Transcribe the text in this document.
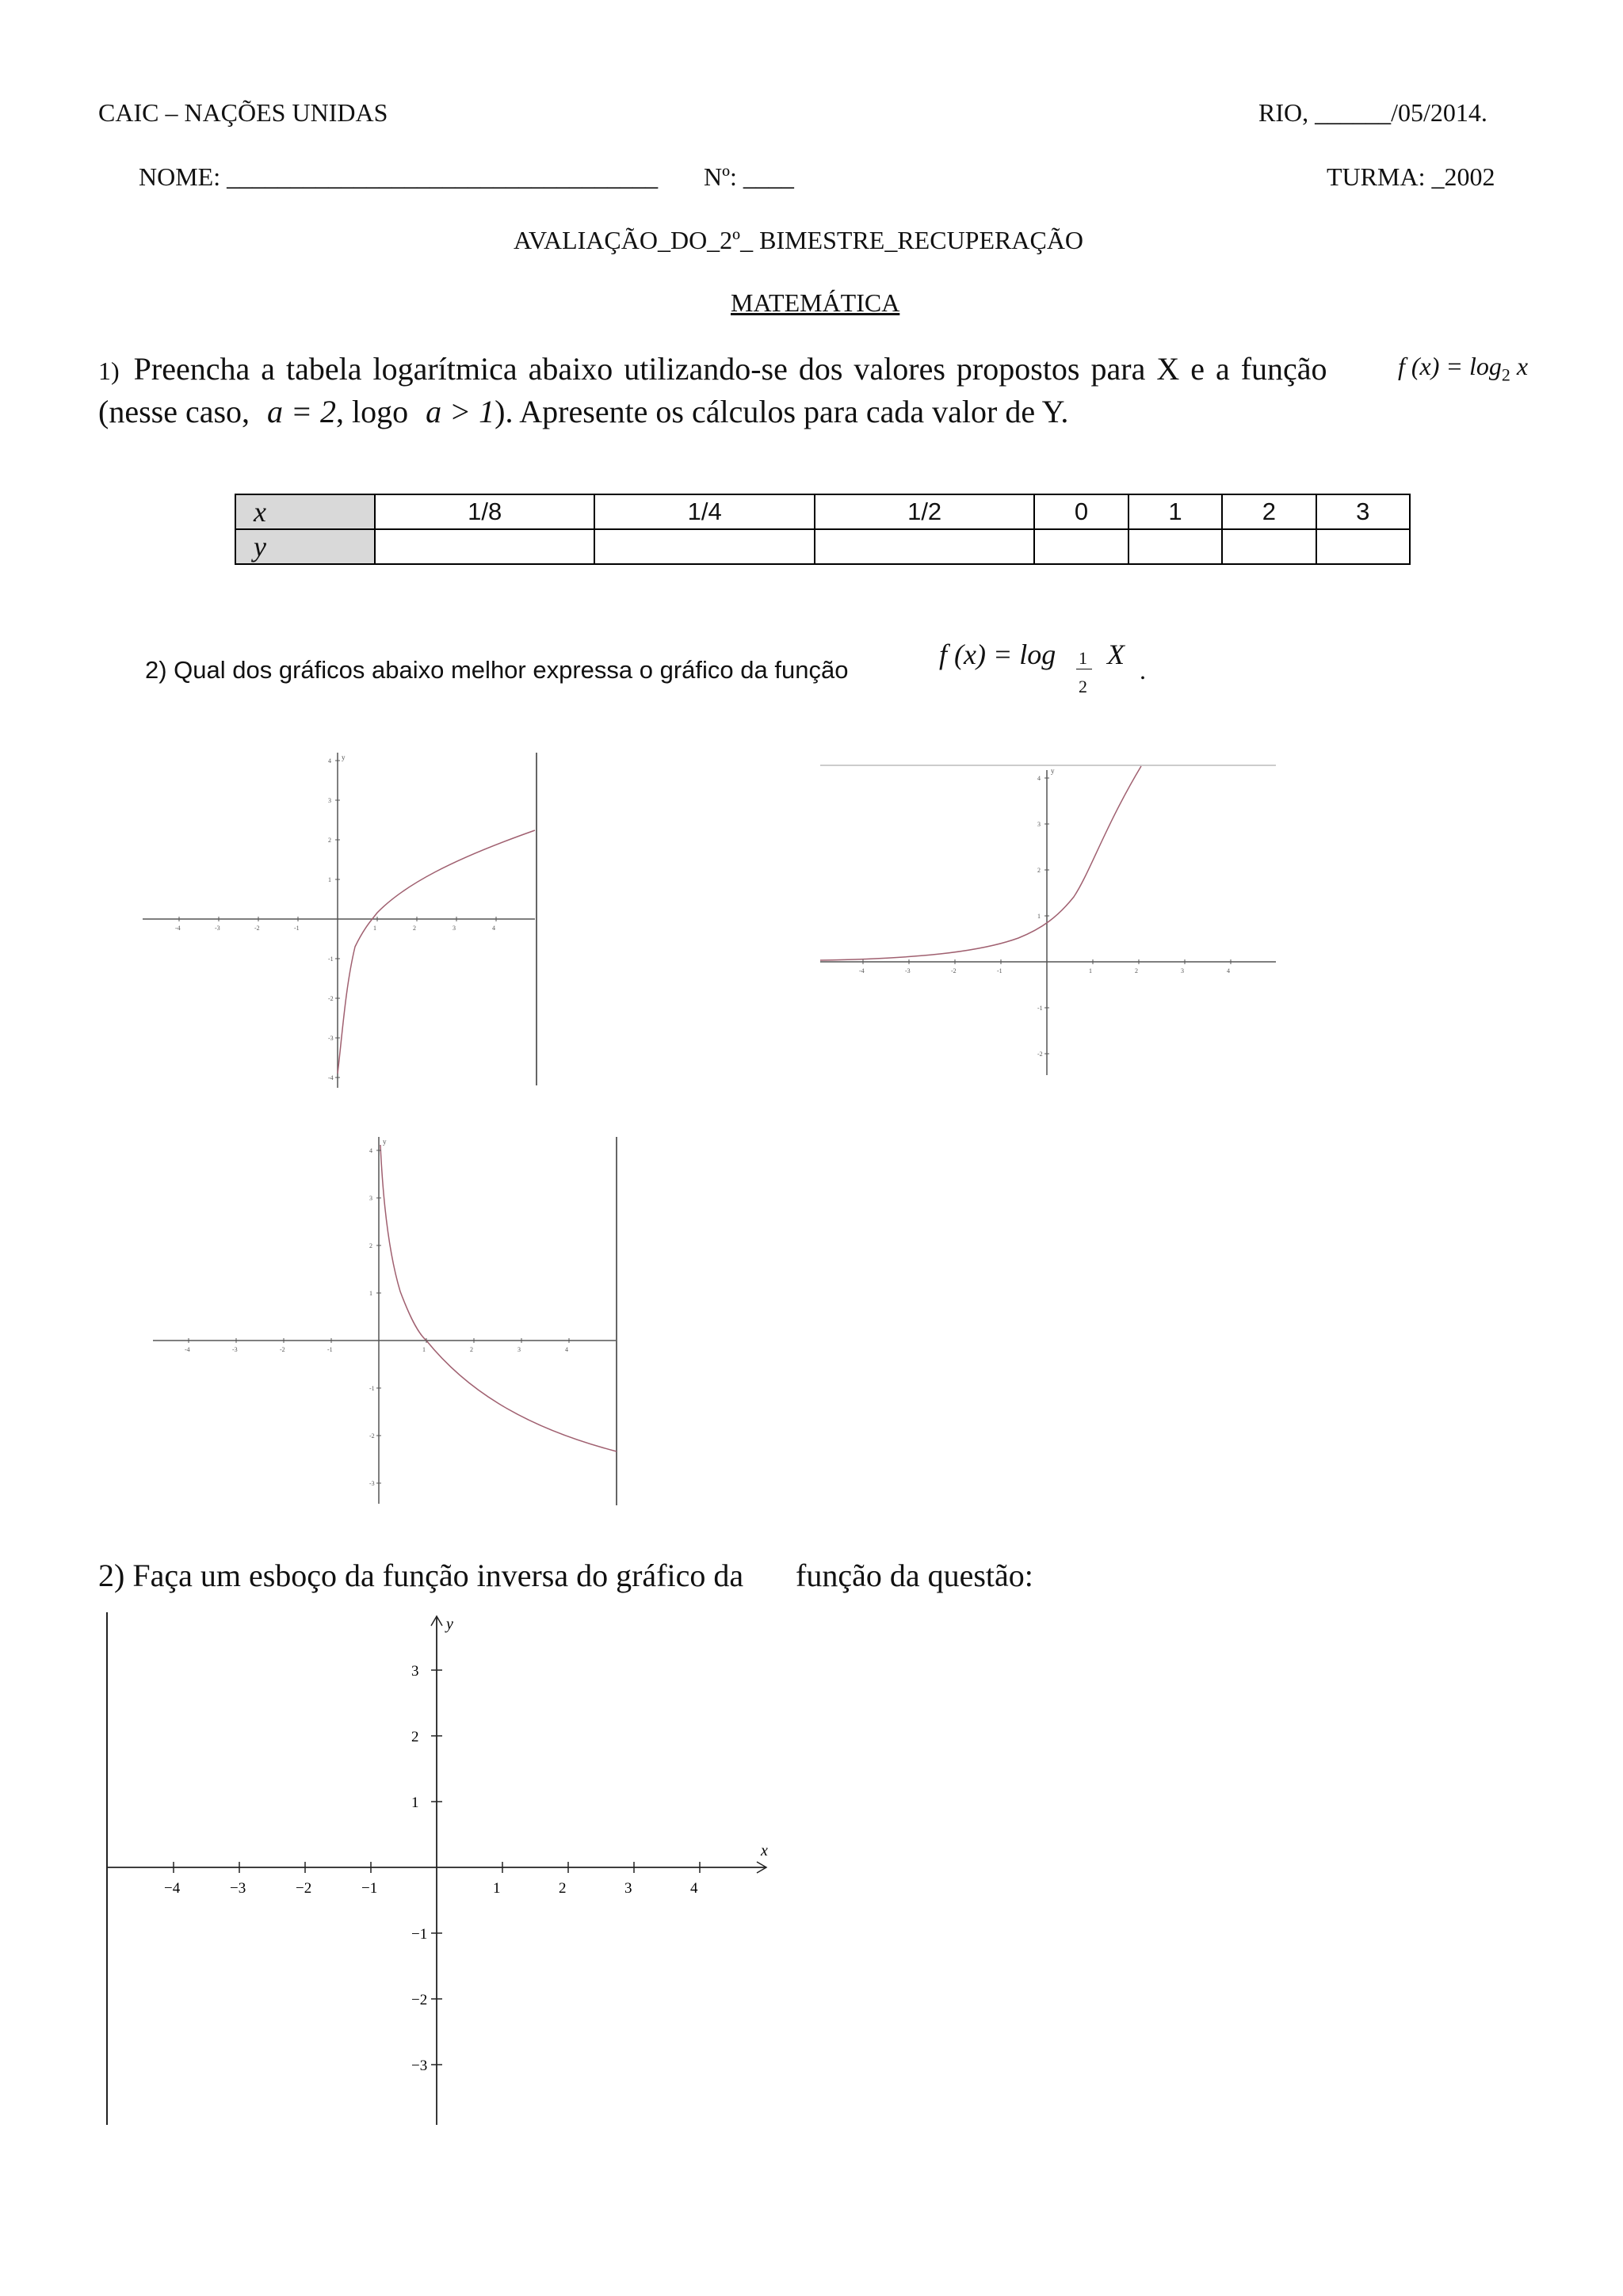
CAIC – NAÇÕES UNIDAS	RIO, ______/05/2014.
NOME: __________________________________ Nº: ____	TURMA: _2002
AVALIAÇÃO_DO_2º_ BIMESTRE_RECUPERAÇÃO
MATEMÁTICA
1) Preencha a tabela logarítmica abaixo utilizando-se dos valores propostos para X e a função	f $(x) = \log_2 x$
(nesse caso, a = 2, logo a > 1). Apresente os cálculos para cada valor de Y.
x	1/8	1/4	1/2	0	1	2	3
y							
2) Qual dos gráficos abaixo melhor expressa o gráfico da função	f (x) = log 1
2
X .
-4	-3	-2	-1	1	2	3	4
4
3
2
1
-1
-2
-3
-4
y
-4	-3	-2	-1	1	2	3	4
4
3
2
1
-1
-2
y
-4	-3	-2	-1	1	2	3	4
4
3
2
1
-1
-2
-3
y
2) Faça um esboço da função inversa do gráfico da função da questão:
x
y
−4	−3	−2	−1	1	2	3	4
3
2
1
−1
−2
−3
